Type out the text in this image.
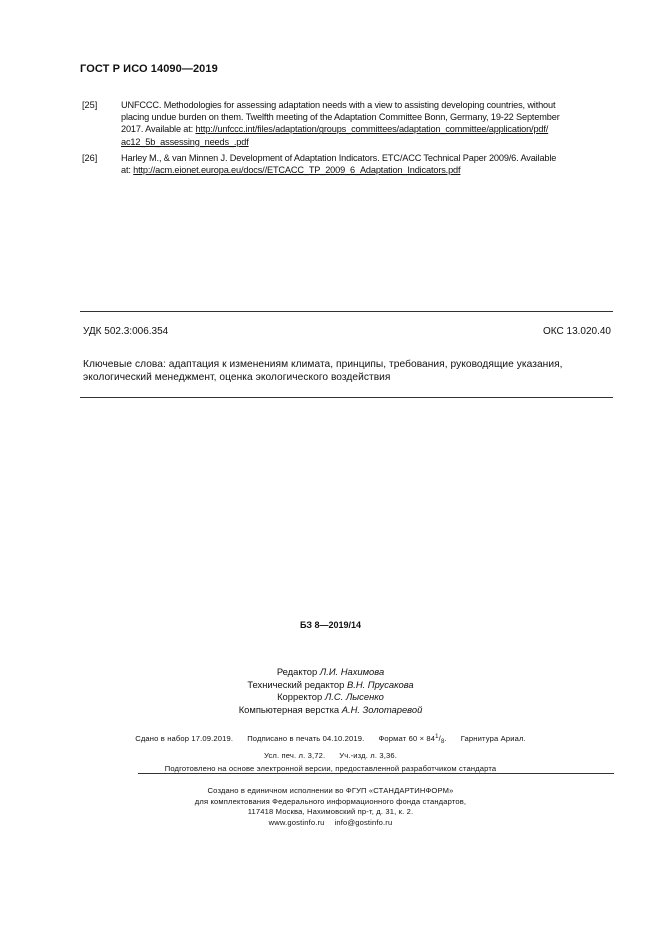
ГОСТ Р ИСО 14090—2019
[25]	UNFCCC. Methodologies for assessing adaptation needs with a view to assisting developing countries, without
placing undue burden on them. Twelfth meeting of the Adaptation Committee Bonn, Germany, 19-22 September
2017. Available at: http://unfccc.int/files/adaptation/groups_committees/adaptation_committee/application/pdf/
ac12_5b_assessing_needs_.pdf
[26]	Harley M., & van Minnen J. Development of Adaptation Indicators. ETC/ACC Technical Paper 2009/6. Available
at: http://acm.eionet.europa.eu/docs//ETCACC_TP_2009_6_Adaptation_Indicators.pdf
УДК 502.3:006.354	ОКС 13.020.40
Ключевые слова: адаптация к изменениям климата, принципы, требования, руководящие указания,
экологический менеджмент, оценка экологического воздействия
БЗ 8—2019/14
Редактор Л.И. Нахимова
Технический редактор В.Н. Прусакова
Корректор Л.С. Лысенко
Компьютерная верстка А.Н. Золотаревой
Сдано в набор 17.09.2019. Подписано в печать 04.10.2019. Формат $60 \times 84^1/_8$. Гарнитура Ариал.
Усл. печ. л. 3,72. Уч.-изд. л. 3,36.
Подготовлено на основе электронной версии, предоставленной разработчиком стандарта
Создано в единичном исполнении во ФГУП «СТАНДАРТИНФОРМ»
для комплектования Федерального информационного фонда стандартов,
117418 Москва, Нахимовский пр-т, д. 31, к. 2.
www.gostinfo.ru info@gostinfo.ru
